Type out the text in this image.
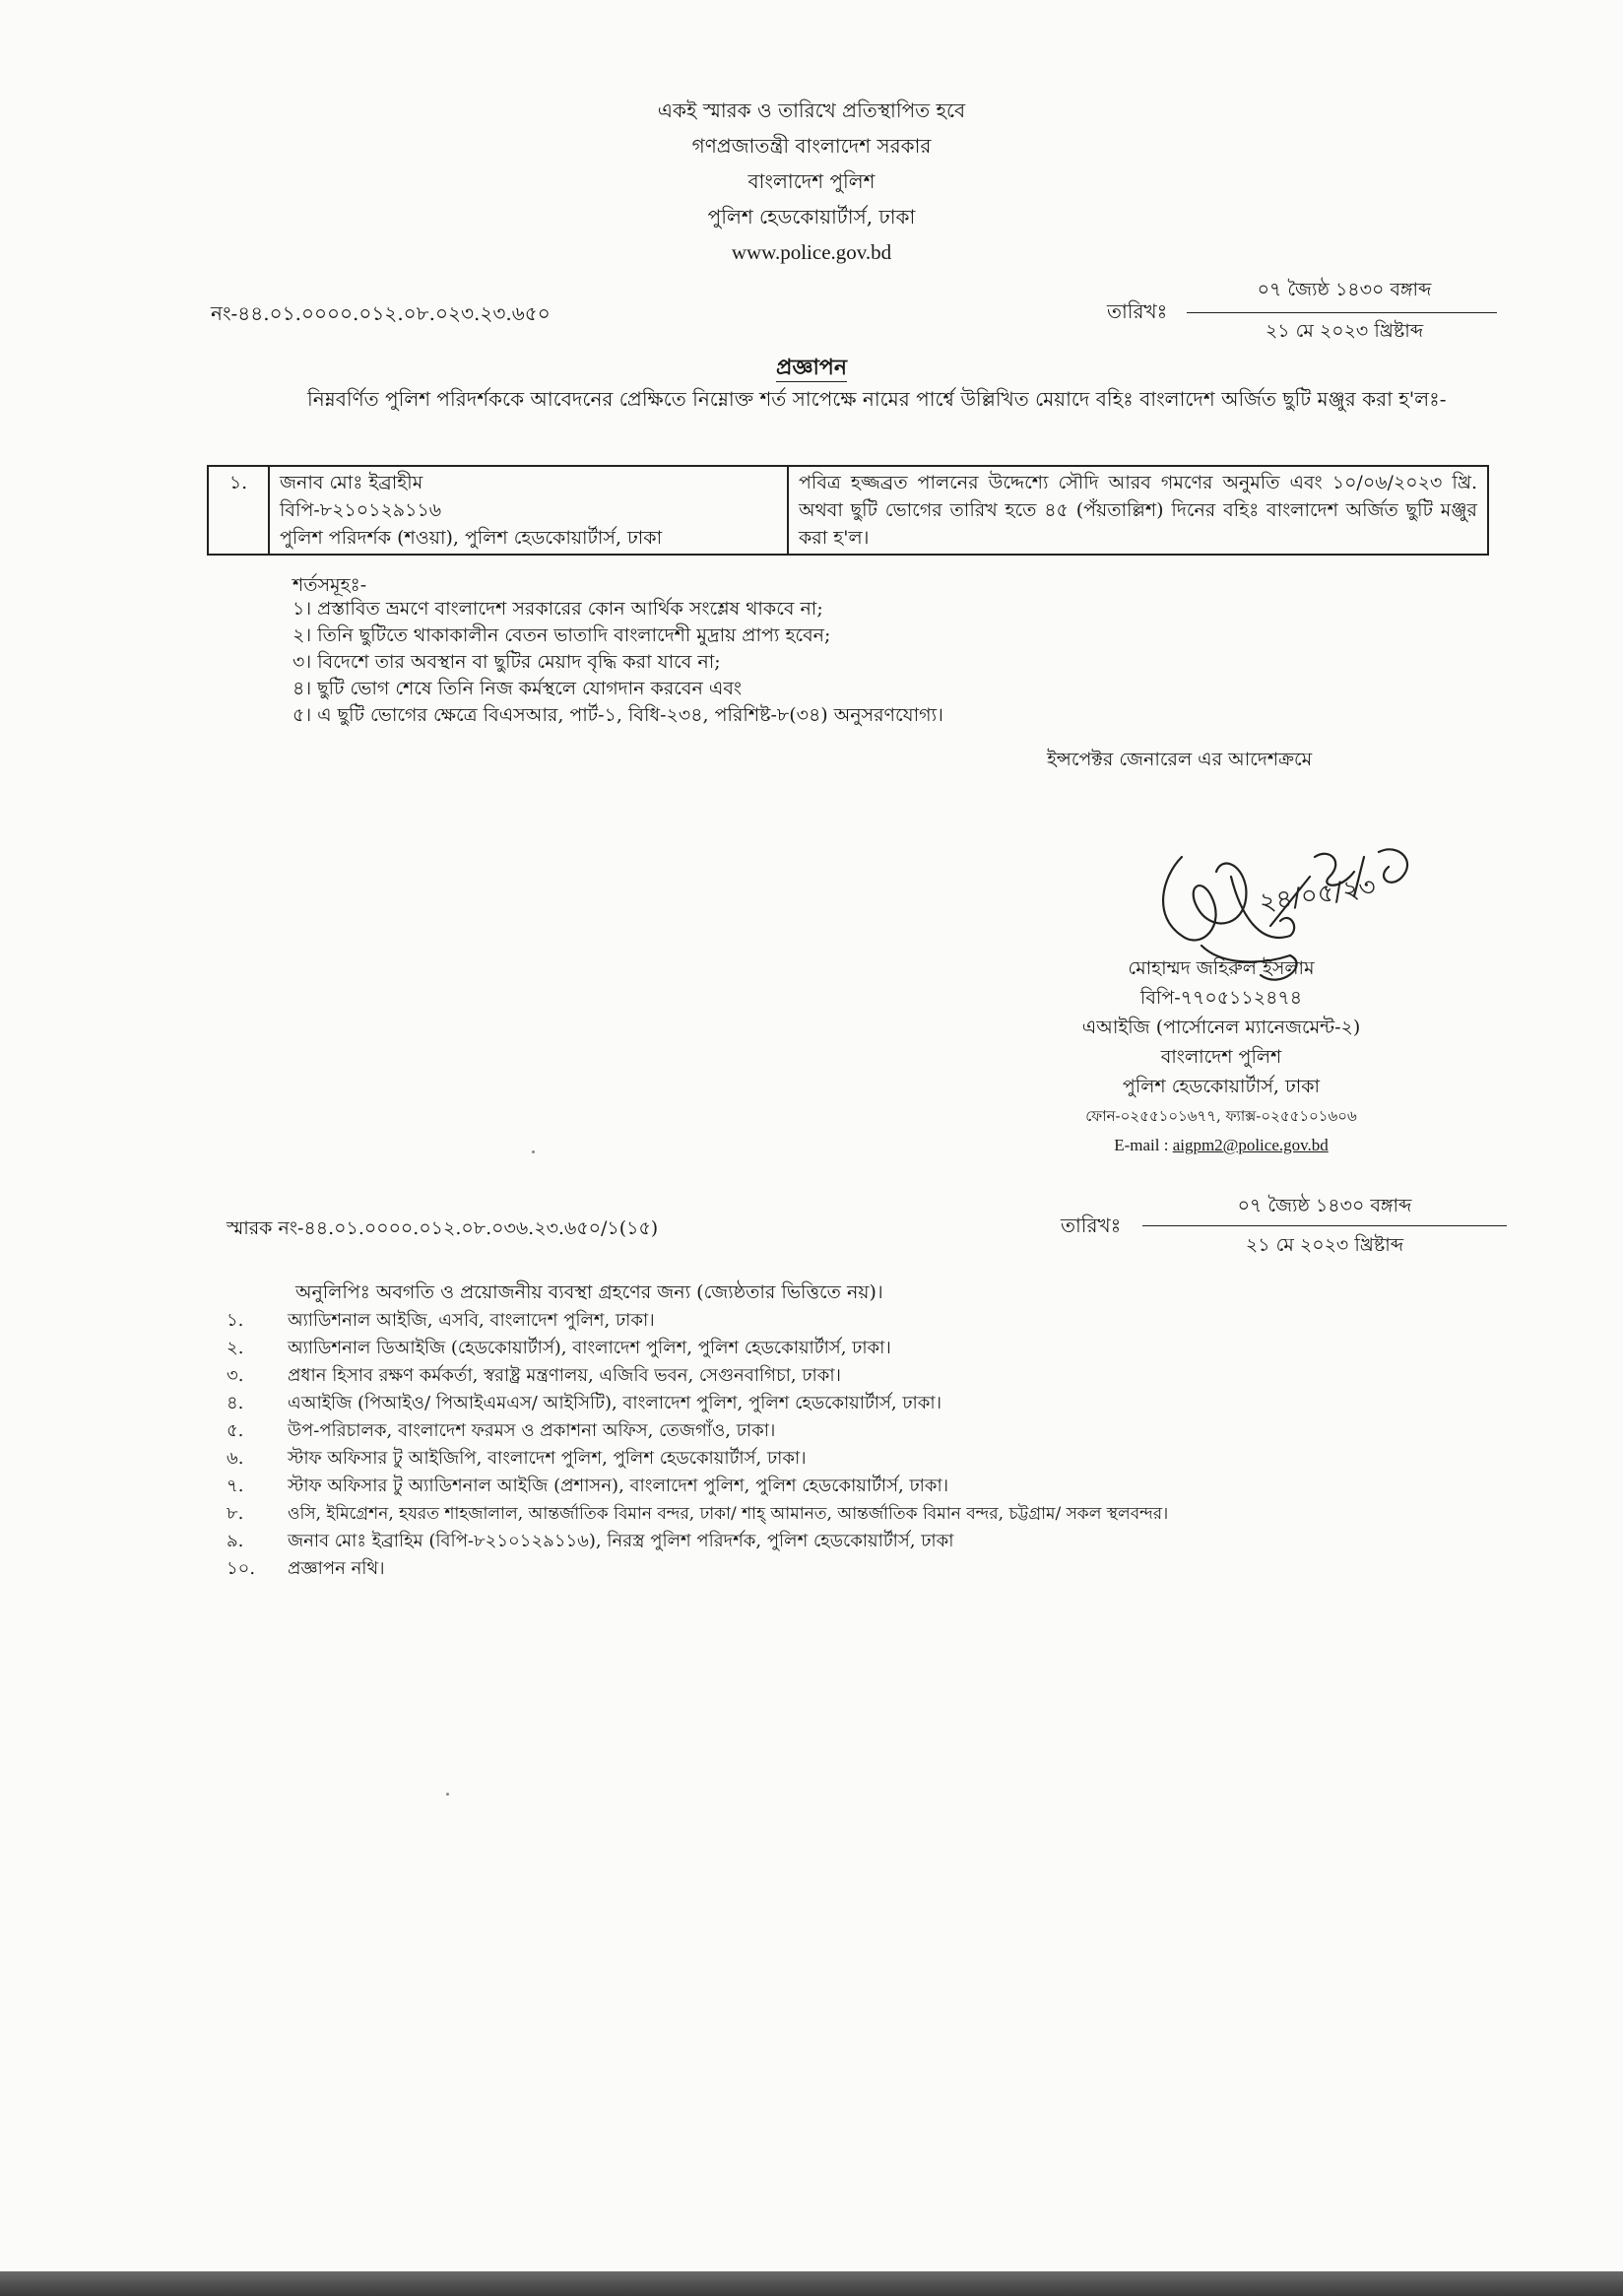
একই স্মারক ও তারিখে প্রতিস্থাপিত হবে
গণপ্রজাতন্ত্রী বাংলাদেশ সরকার
বাংলাদেশ পুলিশ
পুলিশ হেডকোয়ার্টার্স, ঢাকা
www.police.gov.bd
নং-৪৪.০১.০০০০.০১২.০৮.০২৩.২৩.৬৫০	তারিখঃ
০৭ জ্যৈষ্ঠ ১৪৩০ বঙ্গাব্দ
২১ মে ২০২৩ খ্রিষ্টাব্দ
প্রজ্ঞাপন
নিম্নবর্ণিত পুলিশ পরিদর্শককে আবেদনের প্রেক্ষিতে নিম্নোক্ত শর্ত সাপেক্ষে নামের পার্শ্বে উল্লিখিত মেয়াদে বহিঃ বাংলাদেশ অর্জিত ছুটি মঞ্জুর করা হ'লঃ-
১.	জনাব মোঃ ইব্রাহীম
বিপি-৮২১০১২৯১১৬
পুলিশ পরিদর্শক (শওয়া), পুলিশ হেডকোয়ার্টার্স, ঢাকা
	পবিত্র হজ্জব্রত পালনের উদ্দেশ্যে সৌদি আরব গমণের অনুমতি এবং ১০/০৬/২০২৩ খ্রি. অথবা ছুটি ভোগের তারিখ হতে ৪৫ (পঁয়তাল্লিশ) দিনের বহিঃ বাংলাদেশ অর্জিত ছুটি মঞ্জুর করা হ'ল।
শর্তসমূহঃ-
১। প্রস্তাবিত ভ্রমণে বাংলাদেশ সরকারের কোন আর্থিক সংশ্লেষ থাকবে না;
২। তিনি ছুটিতে থাকাকালীন বেতন ভাতাদি বাংলাদেশী মুদ্রায় প্রাপ্য হবেন;
৩। বিদেশে তার অবস্থান বা ছুটির মেয়াদ বৃদ্ধি করা যাবে না;
৪। ছুটি ভোগ শেষে তিনি নিজ কর্মস্থলে যোগদান করবেন এবং
৫। এ ছুটি ভোগের ক্ষেত্রে বিএসআর, পার্ট-১, বিধি-২৩৪, পরিশিষ্ট-৮(৩৪) অনুসরণযোগ্য।
ইন্সপেক্টর জেনারেল এর আদেশক্রমে
২৪/০৫/২৩
মোহাম্মদ জহিরুল ইসলাম
বিপি-৭৭০৫১১২৪৭৪
এআইজি (পার্সোনেল ম্যানেজমেন্ট-২)
বাংলাদেশ পুলিশ
পুলিশ হেডকোয়ার্টার্স, ঢাকা
ফোন-০২৫৫১০১৬৭৭, ফ্যাক্স-০২৫৫১০১৬০৬
E-mail : aigpm2@police.gov.bd
স্মারক নং-৪৪.০১.০০০০.০১২.০৮.০৩৬.২৩.৬৫০/১(১৫)	তারিখঃ
০৭ জ্যৈষ্ঠ ১৪৩০ বঙ্গাব্দ
২১ মে ২০২৩ খ্রিষ্টাব্দ
অনুলিপিঃ অবগতি ও প্রয়োজনীয় ব্যবস্থা গ্রহণের জন্য (জ্যেষ্ঠতার ভিত্তিতে নয়)।
১.	অ্যাডিশনাল আইজি, এসবি, বাংলাদেশ পুলিশ, ঢাকা।
২.	অ্যাডিশনাল ডিআইজি (হেডকোয়ার্টার্স), বাংলাদেশ পুলিশ, পুলিশ হেডকোয়ার্টার্স, ঢাকা।
৩.	প্রধান হিসাব রক্ষণ কর্মকর্তা, স্বরাষ্ট্র মন্ত্রণালয়, এজিবি ভবন, সেগুনবাগিচা, ঢাকা।
৪.	এআইজি (পিআইও/ পিআইএমএস/ আইসিটি), বাংলাদেশ পুলিশ, পুলিশ হেডকোয়ার্টার্স, ঢাকা।
৫.	উপ-পরিচালক, বাংলাদেশ ফরমস ও প্রকাশনা অফিস, তেজগাঁও, ঢাকা।
৬.	স্টাফ অফিসার টু আইজিপি, বাংলাদেশ পুলিশ, পুলিশ হেডকোয়ার্টার্স, ঢাকা।
৭.	স্টাফ অফিসার টু অ্যাডিশনাল আইজি (প্রশাসন), বাংলাদেশ পুলিশ, পুলিশ হেডকোয়ার্টার্স, ঢাকা।
৮.	ওসি, ইমিগ্রেশন, হযরত শাহজালাল, আন্তর্জাতিক বিমান বন্দর, ঢাকা/ শাহ্ আমানত, আন্তর্জাতিক বিমান বন্দর, চট্টগ্রাম/ সকল স্থলবন্দর।
৯.	জনাব মোঃ ইব্রাহিম (বিপি-৮২১০১২৯১১৬), নিরস্ত্র পুলিশ পরিদর্শক, পুলিশ হেডকোয়ার্টার্স, ঢাকা
১০.	প্রজ্ঞাপন নথি।
